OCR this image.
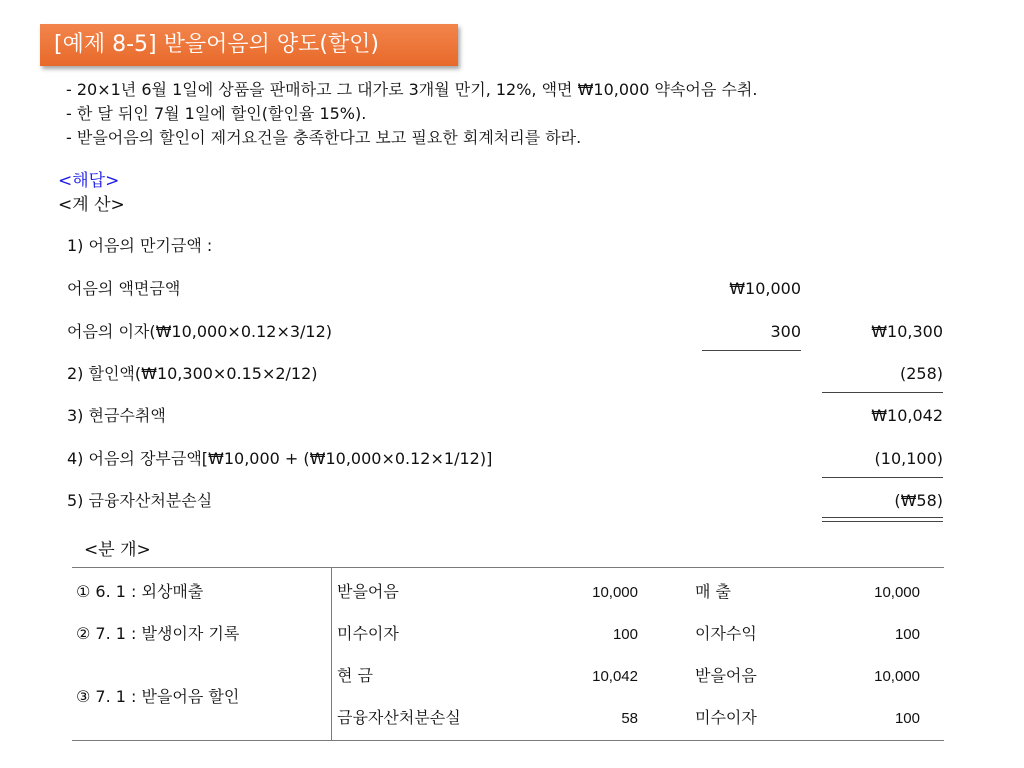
[예제 8-5] 받을어음의 양도(할인)
- 20×1년 6월 1일에 상품을 판매하고 그 대가로 3개월 만기, 12%, 액면 ₩10,000 약속어음 수취.
- 한 달 뒤인 7월 1일에 할인(할인율 15%).
- 받을어음의 할인이 제거요건을 충족한다고 보고 필요한 회계처리를 하라.
<해답>
<계 산>
1) 어음의 만기금액 :
어음의 액면금액	₩10,000
어음의 이자(₩10,000×0.12×3/12)	300	₩10,300
2) 할인액(₩10,300×0.15×2/12)	(258)
3) 현금수취액	₩10,042
4) 어음의 장부금액[₩10,000 + (₩10,000×0.12×1/12)]	(10,100)
5) 금융자산처분손실	(₩58)
<분 개>
① 6. 1 : 외상매출	받을어음	10,000	매 출	10,000
② 7. 1 : 발생이자 기록	미수이자	100	이자수익	100
③ 7. 1 : 받을어음 할인
현 금	10,042	받을어음	10,000
금융자산처분손실	58	미수이자	100
